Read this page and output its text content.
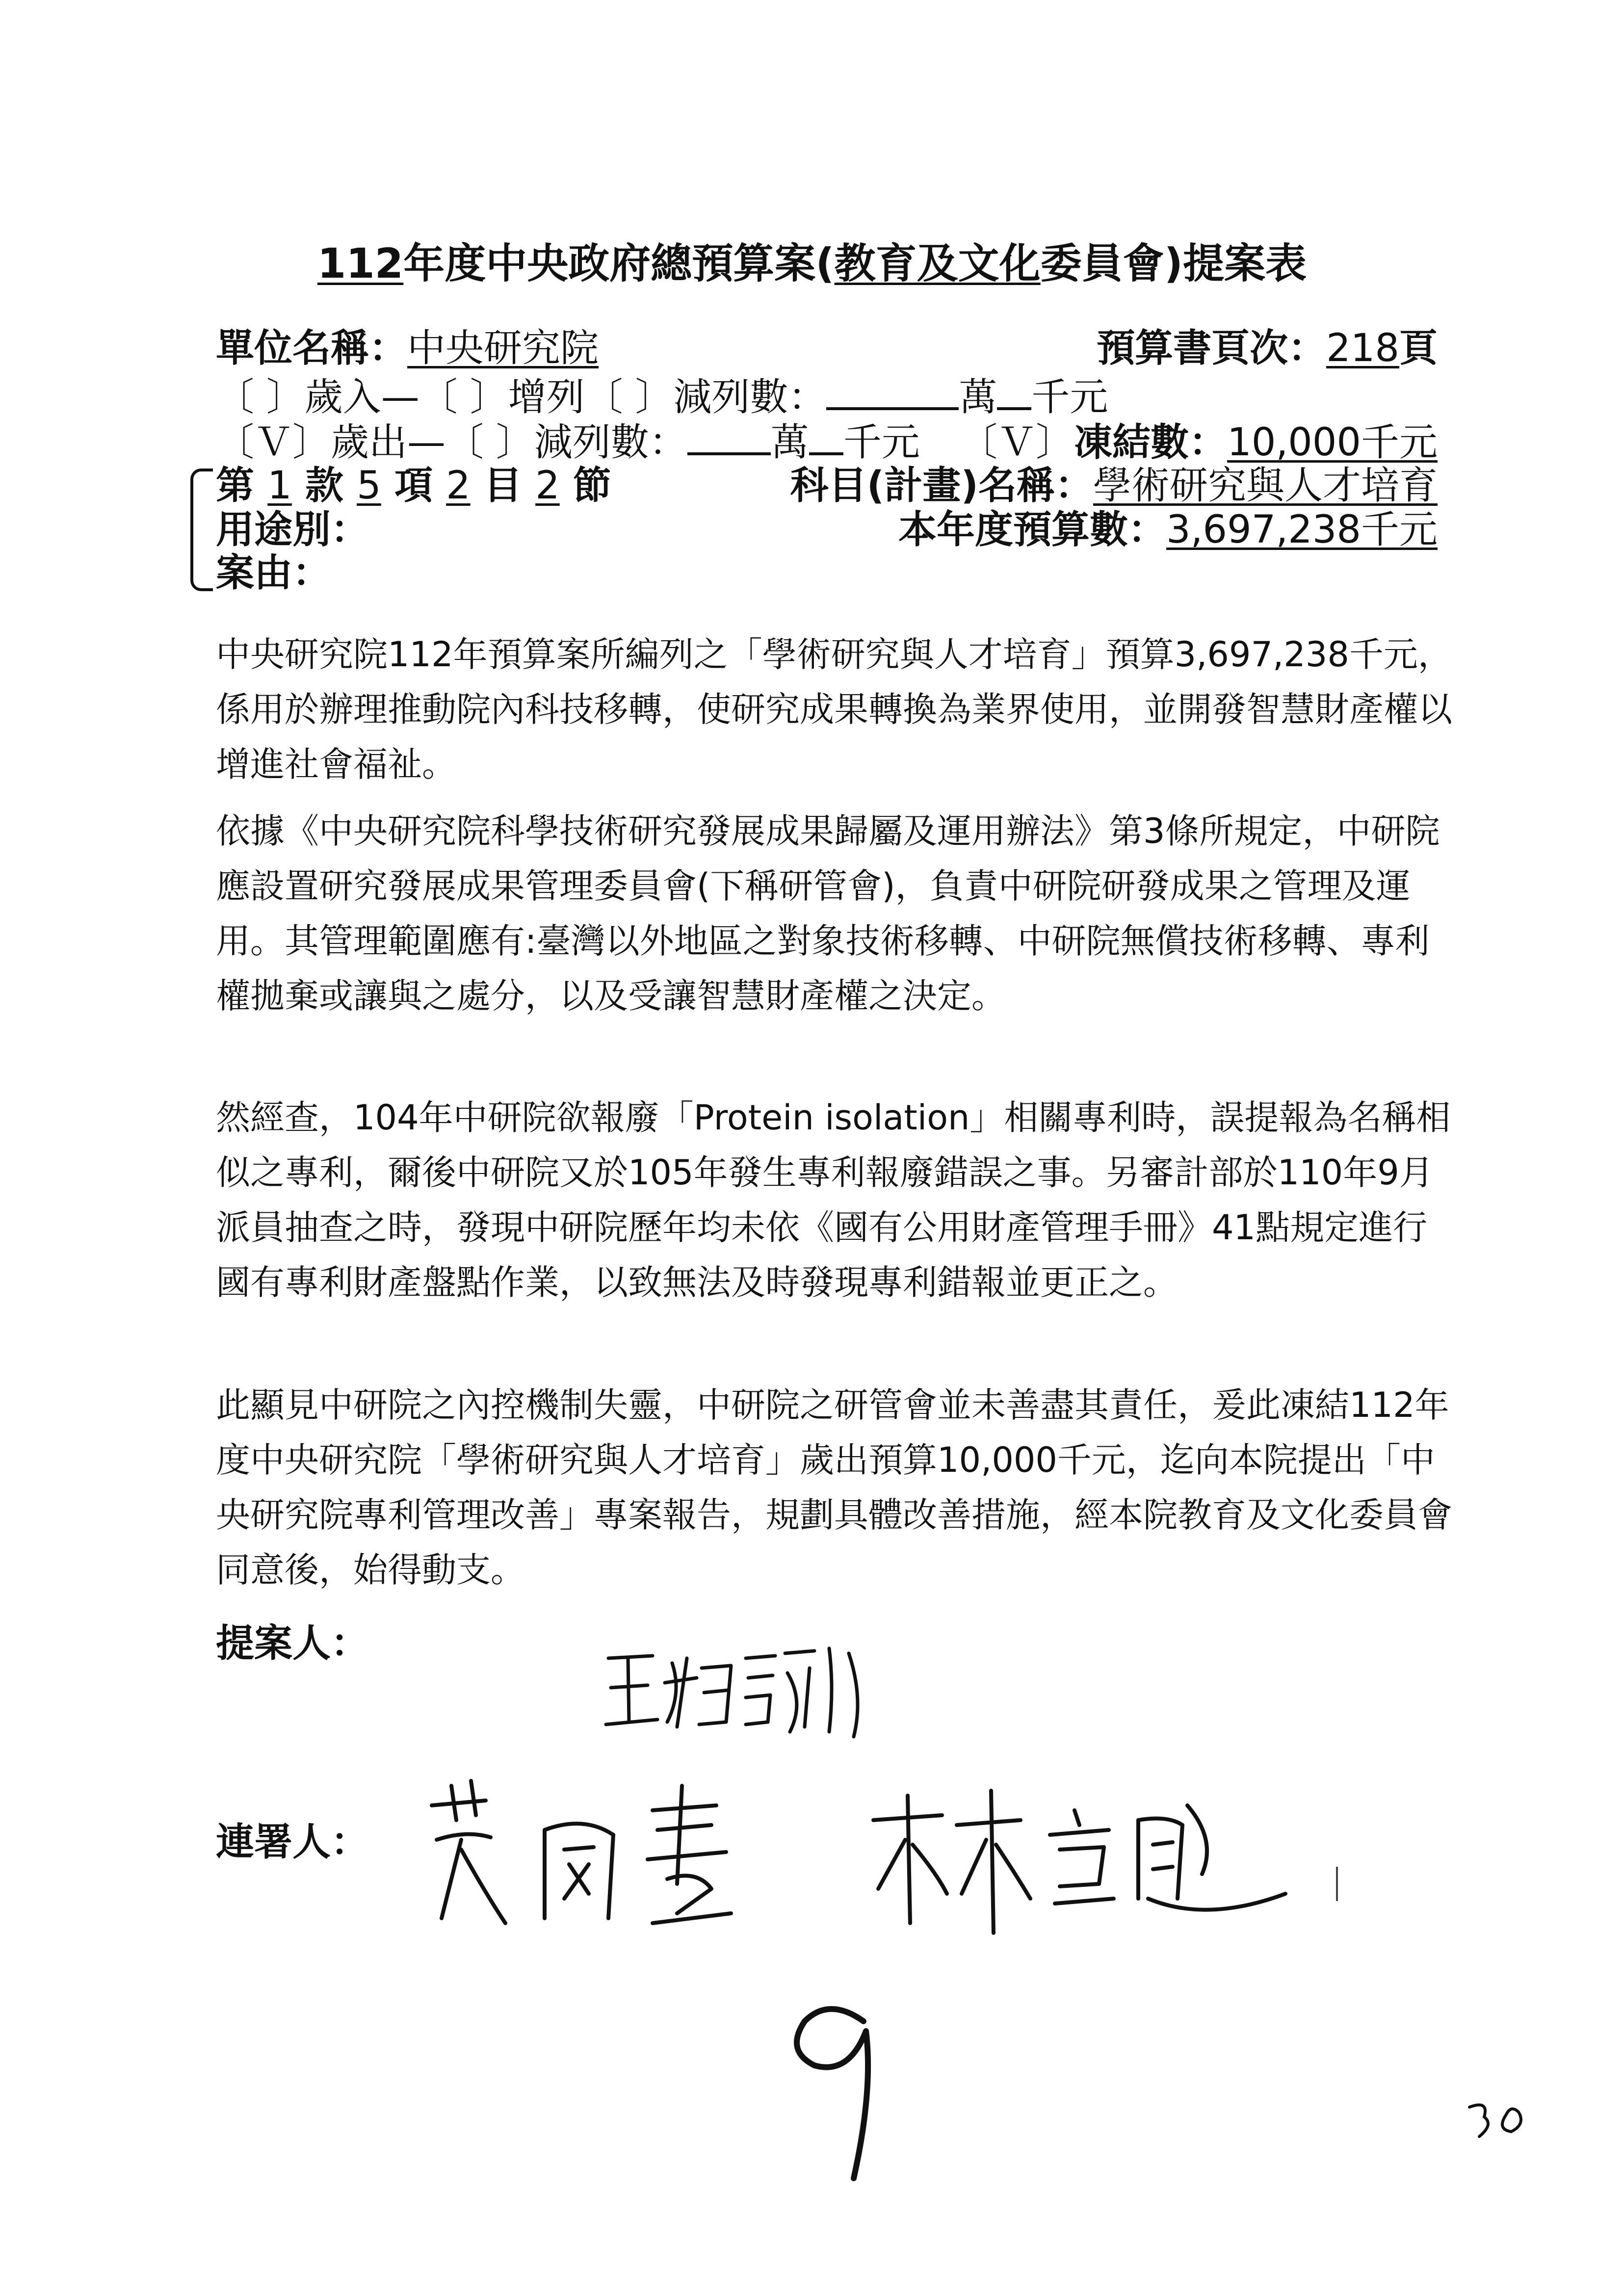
112年度中央政府總預算案(教育及文化委員會)提案表
單位名稱：中央研究院	預算書頁次：218頁
〔 〕歲入—〔 〕增列〔 〕減列數：	萬 千元
〔Ｖ〕歲出—〔 〕減列數： 萬 千元 〔Ｖ〕凍結數：10,000千元
第 1 款 5 項 2 目 2 節	科目(計畫)名稱：學術研究與人才培育
用途別：	本年度預算數：3,697,238千元
案由：
中央研究院112年預算案所編列之「學術研究與人才培育」預算3,697,238千元，係用於辦理推動院內科技移轉，使研究成果轉換為業界使用，並開發智慧財產權以增進社會福祉。
依據《中央研究院科學技術研究發展成果歸屬及運用辦法》第3條所規定，中研院應設置研究發展成果管理委員會(下稱研管會)，負責中研院研發成果之管理及運用。其管理範圍應有:臺灣以外地區之對象技術移轉、中研院無償技術移轉、專利權拋棄或讓與之處分，以及受讓智慧財產權之決定。
然經查，104年中研院欲報廢「Protein isolation」相關專利時，誤提報為名稱相似之專利，爾後中研院又於105年發生專利報廢錯誤之事。另審計部於110年9月派員抽查之時，發現中研院歷年均未依《國有公用財產管理手冊》41點規定進行國有專利財產盤點作業，以致無法及時發現專利錯報並更正之。
此顯見中研院之內控機制失靈，中研院之研管會並未善盡其責任，爰此凍結112年度中央研究院「學術研究與人才培育」歲出預算10,000千元，迄向本院提出「中央研究院專利管理改善」專案報告，規劃具體改善措施，經本院教育及文化委員會同意後，始得動支。
提案人：
連署人：
